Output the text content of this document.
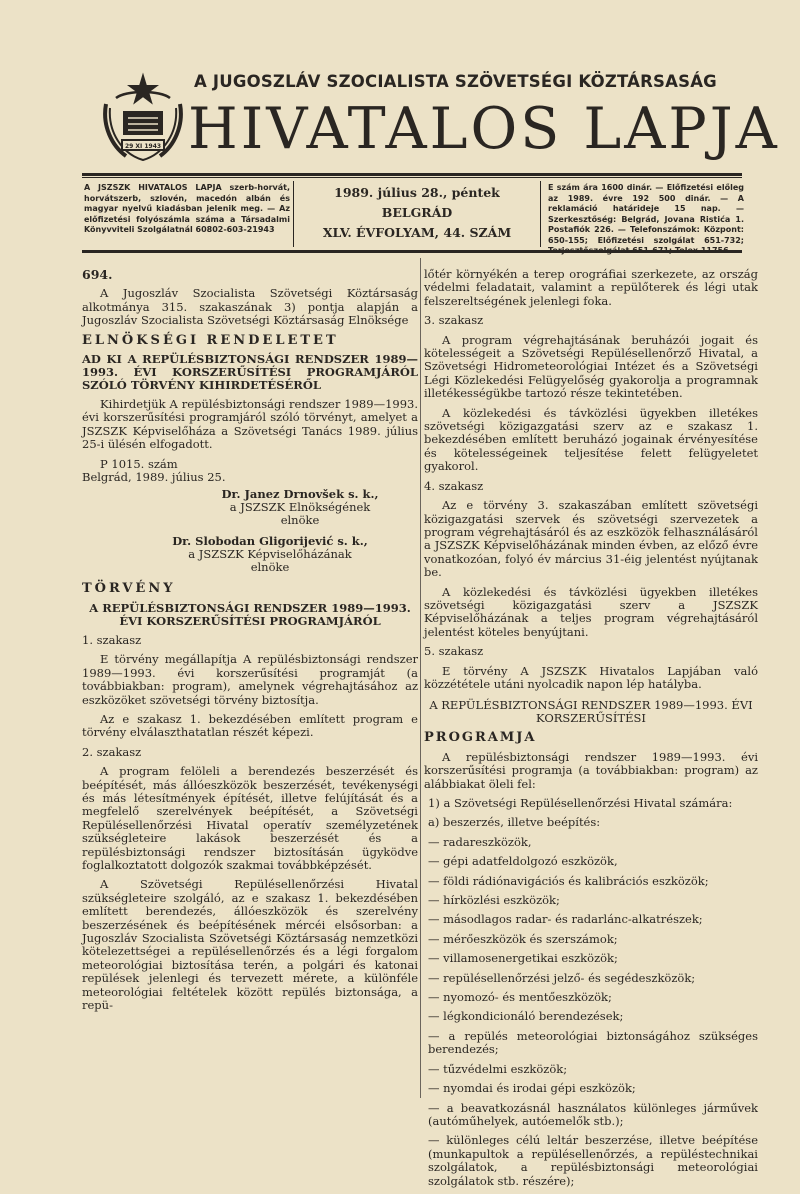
29 XI 1943
A JUGOSZLÁV SZOCIALISTA SZÖVETSÉGI KÖZTÁRSASÁG
HIVATALOS LAPJA
A JSZSZK HIVATALOS LAPJA szerb-horvát, horvátszerb, szlovén, macedón albán és magyar nyelvű kiadásban jelenik meg. — Az előfizetési folyószámla száma a Társadalmi Könyvviteli Szolgálatnál 60802-603-21943
1989. július 28., péntek
BELGRÁD
XLV. ÉVFOLYAM, 44. SZÁM
E szám ára 1600 dinár. — Előfizetési előleg az 1989. évre 192 500 dinár. — A reklamáció határideje 15 nap. — Szerkesztőség: Belgrád, Jovana Ristića 1. Postafiók 226. — Telefonszámok: Központ: 650-155; Előfizetési szolgálat 651-732;

694.

A Jugoszláv Szocialista Szövetségi Köztársaság alkotmánya 315. szakaszának 3) pontja alapján a Jugoszláv Szocialista Szövetségi Köztársaság Elnöksége

ELNÖKSÉGI RENDELETET

AD KI A REPÜLÉSBIZTONSÁGI RENDSZER 1989—1993. ÉVI KORSZERŰSÍTÉSI PROGRAMJÁRÓL SZÓLÓ TÖRVÉNY KIHIRDETÉSÉRŐL

Kihirdetjük A repülésbiztonsági rendszer 1989—1993. évi korszerűsítési programjáról szóló törvényt, amelyet a JSZSZK Képviselőháza a Szövetségi Tanács 1989. július 25-i ülésén elfogadott.

P 1015. szám

Belgrád, 1989. július 25.

Dr. Janez Drnovšek s. k.,
a JSZSZK Elnökségének
elnöke
Dr. Slobodan Gligorijević s. k.,
a JSZSZK Képviselőházának
elnöke

TÖRVÉNY

A REPÜLÉSBIZTONSÁGI RENDSZER 1989—1993. ÉVI KORSZERŰSÍTÉSI PROGRAMJÁRÓL

1. szakasz

E törvény megállapítja A repülésbiztonsági rendszer 1989—1993. évi korszerűsítési programját (a továbbiakban: program), amelynek végrehajtásához az eszközöket szövetségi törvény biztosítja.

Az e szakasz 1. bekezdésében említett program e törvény elválaszthatatlan részét képezi.

2. szakasz

A program felöleli a berendezés beszerzését és beépítését, más állóeszközök beszerzését, tevékenységi és más létesítmények építését, illetve felújítását és a megfelelő szerelvények beépítését, a Szövetségi Repülésellenőrzési Hivatal operatív személyzetének szükségleteire lakások beszerzését és a repülésbiztonsági rendszer biztosításán ügyködve foglalkoztatott dolgozók szakmai továbbképzését.

A Szövetségi Repülésellenőrzési Hivatal szükségleteire szolgáló, az e szakasz 1. bekezdésében említett berendezés, állóeszközök és szerelvény beszerzésének és beépítésének mércéi elsősorban: a Jugoszláv Szocialista Szövetségi Köztársaság nemzetközi kötelezettségei a repülésellenőrzés és a légi forgalom meteorológiai biztosítása terén, a polgári és katonai repülések jelenlegi és tervezett mérete, a különféle meteorológiai feltételek között repülés biztonsága, a repü-

lőtér környékén a terep orográfiai szerkezete, az ország védelmi feladatait, valamint a repülőterek és légi utak felszereltségének jelenlegi foka.

3. szakasz

A program végrehajtásának beruházói jogait és kötelességeit a Szövetségi Repülésellenőrző Hivatal, a Szövetségi Hidrometeorológiai Intézet és a Szövetségi Légi Közlekedési Felügyelőség gyakorolja a programnak illetékességükbe tartozó része tekintetében.

A közlekedési és távközlési ügyekben illetékes szövetségi közigazgatási szerv az e szakasz 1. bekezdésében említett beruházó jogainak érvényesítése és kötelességeinek teljesítése felett felügyeletet gyakorol.

4. szakasz

Az e törvény 3. szakaszában említett szövetségi közigazgatási szervek és szövetségi szervezetek a program végrehajtásáról és az eszközök felhasználásáról a JSZSZK Képviselőházának minden évben, az előző évre vonatkozóan, folyó év március 31-éig jelentést nyújtanak be.

A közlekedési és távközlési ügyekben illetékes szövetségi közigazgatási szerv a JSZSZK Képviselőházának a teljes program végrehajtásáról jelentést köteles benyújtani.

5. szakasz

E törvény A JSZSZK Hivatalos Lapjában való közzététele utáni nyolcadik napon lép hatályba.

A REPÜLÉSBIZTONSÁGI RENDSZER 1989—1993. ÉVI KORSZERŰSÍTÉSI

PROGRAMJA

A repülésbiztonsági rendszer 1989—1993. évi korszerűsítési programja (a továbbiakban: program) az alábbiakat öleli fel:

1) a Szövetségi Repülésellenőrzési Hivatal számára:

a) beszerzés, illetve beépítés:

— radareszközök,

— gépi adatfeldolgozó eszközök,

— földi rádiónavigációs és kalibrációs eszközök;

— hírközlési eszközök;

— másodlagos radar- és radarlánc-alkatrészek;

— mérőeszközök és szerszámok;

— villamosenergetikai eszközök;

— repülésellenőrzési jelző- és segédeszközök;

— nyomozó- és mentőeszközök;

— légkondicionáló berendezések;

— a repülés meteorológiai biztonságához szükséges berendezés;

— tűzvédelmi eszközök;

— nyomdai és irodai gépi eszközök;

— a beavatkozásnál használatos különleges járművek (autóműhelyek, autóemelők stb.);

— különleges célú leltár beszerzése, illetve beépítése (munkapultok a repülésellenőrzés, a repüléstechnikai szolgálatok, a repülésbiztonsági meteorológiai szolgálatok stb. részére);
